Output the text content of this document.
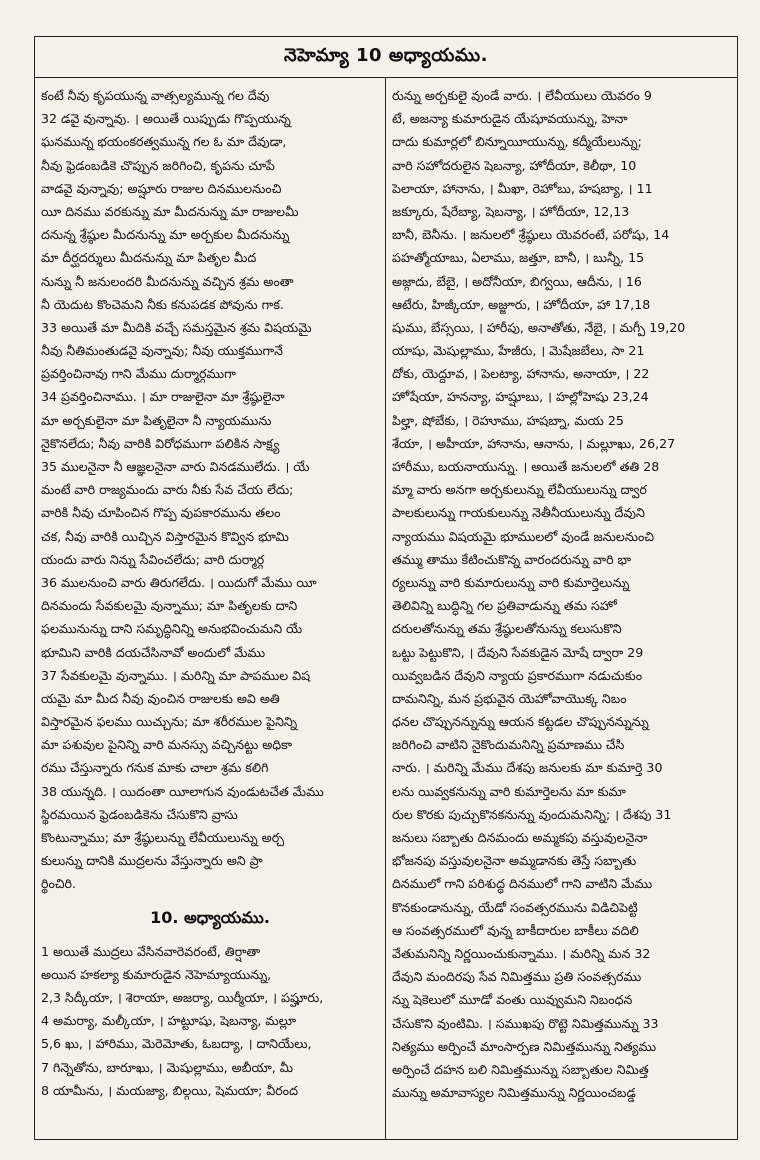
నెహెమ్యా 10 అధ్యాయము.
కంటే నీవు కృపయున్న వాత్సల్యమున్న గల దేవు
32 డవై వున్నావు. । అయితే యిప్పుడు గొప్పయున్న
ఘనమున్న భయంకరత్వమున్న గల ఓ మా దేవుడా,
నీవు ఫ్రెడంబడికె చొప్పున జరిగించి, కృపను చూపే
వాడవై వున్నావు; అష్షూరు రాజుల దినములనుంచి
యీ దినము వరకున్ను మా మీదనున్ను మా రాజులమీ
దనున్న శ్రేష్ఠుల మీదనున్ను మా అర్చకుల మీదనున్ను
మా దీర్ఘదర్శులు మీదనున్ను మా పితృల మీద
నున్ను నీ జనులందరి మీదనున్ను వచ్చిన శ్రమ అంతా
నీ యెదుట కొంచెమని నీకు కనుపడక పోవును గాక.
33 అయితే మా మీదికి వచ్చే సమస్తమైన శ్రమ విషయమై
నీవు నీతిమంతుడవై వున్నావు; నీవు యుక్తముగానే
ప్రవర్తించినావు గాని మేము దుర్మార్గముగా
34 ప్రవర్తించినాము. । మా రాజులైనా మా శ్రేష్ఠులైనా
మా అర్చకులైనా మా పితృలైనా నీ న్యాయమును
నైకొనలేదు; నీవు వారికి విరోధముగా పలికిన సాక్ష్య
35 ములనైనా నీ ఆజ్ఞలనైనా వారు వినడములేదు. । యే
మంటే వారి రాజ్యమందు వారు నీకు సేవ చేయ లేదు;
వారికి నీవు చూపించిన గొప్ప వుపకారమును తలం
చక, నీవు వారికి యిచ్చిన విస్తారమైన కొవ్విన భూమి
యందు వారు నిన్ను సేవించలేదు; వారి దుర్మార్గ
36 ములనుంచి వారు తిరుగలేదు. । యిదుగో మేము యీ
దినమందు సేవకులమై వున్నాము; మా పితృలకు దాని
ఫలమునున్ను దాని సమృద్ధినిన్ని అనుభవించుమని యే
భూమిని వారికి దయచేసినావో అందులో మేము
37 సేవకులమై వున్నాము. । మరిన్ని మా పాపముల విష
యమై మా మీద నీవు వుంచిన రాజులకు అవి అతి
విస్తారమైన ఫలము యిచ్చును; మా శరీరముల పైనిన్ని
మా పశువుల పైనిన్ని వారి మనస్సు వచ్చినట్టు అధికా
రము చేస్తున్నారు గనుక మాకు చాలా శ్రమ కలిగి
38 యున్నది. । యిదంతా యీలాగున వుండుటచేత మేము
స్థిరమయిన ఫ్రెడంబడికెను చేసుకొని వ్రాసు
కొంటున్నాము; మా శ్రేష్ఠులున్ను లేవీయులున్ను అర్చ
కులున్ను దానికి ముద్రలను వేస్తున్నారు అని ప్రా
ర్థించిరి.
10. అధ్యాయము.
1 అయితే ముద్రలు వేసినవారెవరంటే, తిర్షాతా
అయిన హకల్యా కుమారుడైన నెహెమ్యాయున్ను,
2,3 సిద్కీయా, । శెరాయా, అజర్యా, యిర్మీయా, । పష్హూరు,
4 అమర్యా, మల్కీయా, । హట్టూషు, షెబన్యా, మల్లూ
5,6 ఖు, । హారిము, మెరెమోతు, ఓబద్యా, । దానియేలు,
7 గిన్నెతోను, బారూఖు, । మెషుల్లాము, అబీయా, మీ
8 యామీను, । మయజ్యా, బిల్గయి, షెమయా; వీరంద
రున్ను అర్చకులై వుండే వారు. । లేవీయులు యెవరం 9
టే, అజన్యా కుమారుడైన యేషూవయున్ను, హెనా
దాదు కుమార్లలో బిన్నూయీయున్ను, కద్మీయేలున్ను;
వారి సహోదరులైన షెబన్యా, హోదీయా, కెలీథా, 10
పెలాయా, హానాను, । మీఖా, రెహోబు, హషబ్యా, । 11
జక్కూరు, షేరేబ్యా, షెబన్యా, । హోదీయా, 12,13
బానీ, బెనీను. । జనులలో శ్రేష్ఠులు యెవరంటే, పరోషు, 14
పహత్మోయాబు, ఏలాము, జత్తూ, బానీ, । బున్నీ, 15
అజ్గాదు, బేబై, । అదోనీయా, బిగ్వయి, ఆదీను, । 16
ఆటేరు, హిజ్కీయా, అజ్జూరు, । హోదీయా, హా 17,18
షుము, బేస్సయి, । హారీపు, అనాతోతు, నేబై, । మగ్పీ 19,20
యాషు, మెషుల్లాము, హేజీరు, । మెషేజబేలు, సా 21
దోకు, యెద్దూవ, । పెలట్యా, హానాను, అనాయా, । 22
హోషేయా, హనన్యా, హష్షూబు, । హల్లోహెషు 23,24
పిల్హా, షోబేకు, । రెహూము, హషబ్నా, మయ 25
శేయా, । అహీయా, హానాను, ఆనాను, । మల్లూఖు, 26,27
హారీము, బయనాయున్ను. । అయితే జనులలో తతి 28
మ్మా వారు అనగా అర్చకులున్ను లేవీయులున్ను ద్వార
పాలకులున్ను గాయకులున్ను నెతీనీయులున్ను దేవుని
న్యాయము విషయమై భూములలో వుండే జనులనుంచి
తమ్ము తాము కేటించుకొన్న వారందరున్ను వారి భా
ర్యలున్ను వారి కుమారులున్ను వారి కుమార్తెలున్ను
తెలివిన్ని బుద్ధిన్ని గల ప్రతివాడున్ను తమ సహో
దరులతోనున్ను తమ శ్రేష్ఠులతోనున్ను కలుసుకొని
ఒట్టు పెట్టుకొని, । దేవుని సేవకుడైన మోషే ద్వారా 29
యివ్వబడిన దేవుని న్యాయ ప్రకారముగా నడుచుకుం
దామనిన్ని, మన ప్రభువైన యెహోవాయొక్క నిబం
ధనల చొప్పునన్నున్ను ఆయన కట్టడల చొప్పునన్నున్ను
జరిగించి వాటిని నైకొందుమనిన్ని ప్రమాణము చేసి
నారు. । మరిన్ని మేము దేశపు జనులకు మా కుమార్తె 30
లను యివ్వకనున్ను వారి కుమార్తెలను మా కుమా
రుల కొరకు పుచ్చుకొనకనున్ను వుందుమనిన్ని; । దేశపు 31
జనులు సబ్బాతు దినమందు అమ్మకపు వస్తువులనైనా
భోజనపు వస్తువులనైనా అమ్మడానకు తెస్తే సబ్బాతు
దినములో గాని పరిశుద్ధ దినములో గాని వాటిని మేము
కొనకుండానున్ను, యేడో సంవత్సరమును విడిచిపెట్టి
ఆ సంవత్సరములో వున్న బాకీదారుల బాకీలు వదిలి
వేతుమనిన్ని నిర్ణయించుకున్నాము. । మరిన్ని మన 32
దేవుని మందిరపు సేవ నిమిత్తము ప్రతి సంవత్సరము
న్ను షెకెలులో మూడో వంతు యివ్వుమని నిబంధన
చేసుకొని వుంటిమి. । సముఖపు రొట్టె నిమిత్తమున్ను 33
నిత్యము అర్పించే మాంసార్పణ నిమిత్తమున్ను నిత్యము
అర్పించే దహన బలి నిమిత్తమున్ను సబ్బాతుల నిమిత్త
మున్ను అమావాస్యల నిమిత్తమున్ను నిర్ణయించబడ్డ
